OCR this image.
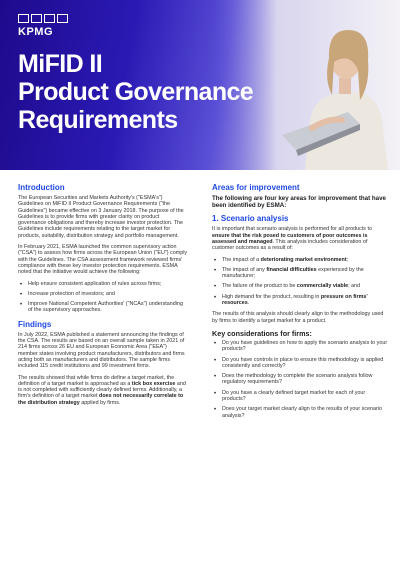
KPMG
MiFID II
Product Governance
Requirements
Introduction

The European Securities and Markets Authority's ("ESMA's") Guidelines on MiFID II Product Governance Requirements ("the Guidelines") became effective on 3 January 2018. The purpose of the Guidelines is to provide firms with greater clarity on product governance obligations and thereby increase investor protection. The Guidelines include requirements relating to the target market for products, suitability, distribution strategy and portfolio management.

In February 2021, ESMA launched the common supervisory action ("CSA") to assess how firms across the European Union ("EU") comply with the Guidelines. The CSA assessment framework reviewed firms' compliance with these key investor protection requirements. ESMA noted that the initiative would achieve the following:

• Help ensure consistent application of rules across firms;
• Increase protection of investors; and
• Improve National Competent Authorities' ("NCAs") understanding of the supervisory approaches.
Findings

In July 2022, ESMA published a statement announcing the findings of the CSA. The results are based on an overall sample taken in 2021 of 214 firms across 26 EU and European Economic Area ("EEA") member states involving product manufacturers, distributors and firms acting both as manufacturers and distributors. The sample firms included 115 credit institutions and 99 investment firms.

The results showed that while firms do define a target market, the definition of a target market is approached as a tick box exercise and is not completed with sufficiently clearly defined terms. Additionally, a firm's definition of a target market does not necessarily correlate to the distribution strategy applied by firms.

Areas for improvement

The following are four key areas for improvement that have been identified by ESMA:

1. Scenario analysis

It is important that scenario analysis is performed for all products to ensure that the risk posed to customers of poor outcomes is assessed and managed. This analysis includes consideration of customer outcomes as a result of:

• The impact of a deteriorating market environment;
• The impact of any financial difficulties experienced by the manufacturer;
• The failure of the product to be commercially viable; and
• High demand for the product, resulting in pressure on firms' resources.

The results of this analysis should clearly align to the methodology used by firms to identify a target market for a product.

Key considerations for firms:
• Do you have guidelines on how to apply the scenario analysis to your products?
• Do you have controls in place to ensure this methodology is applied consistently and correctly?
• Does the methodology to complete the scenario analysis follow regulatory requirements?
• Do you have a clearly defined target market for each of your products?
• Does your target market clearly align to the results of your scenario analysis?
